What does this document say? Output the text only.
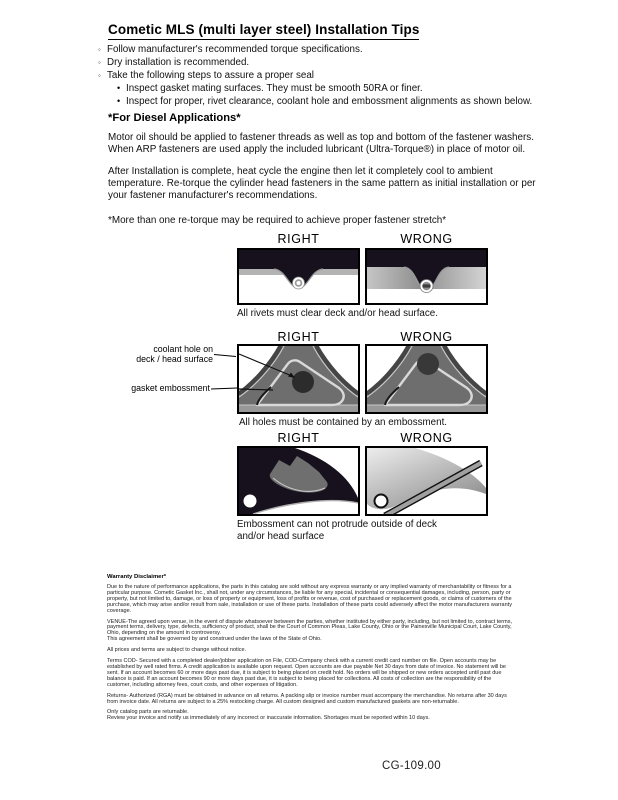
Cometic MLS (multi layer steel) Installation Tips
◦ Follow manufacturer's recommended torque specifications.
◦ Dry installation is recommended.
◦ Take the following steps to assure a proper seal
• Inspect gasket mating surfaces. They must be smooth 50RA or finer.
• Inspect for proper, rivet clearance, coolant hole and embossment alignments as shown below.
*For Diesel Applications*

Motor oil should be applied to fastener threads as well as top and bottom of the fastener washers. When ARP fasteners are used apply the included lubricant (Ultra-Torque®) in place of motor oil.

After Installation is complete, heat cycle the engine then let it completely cool to ambient temperature. Re-torque the cylinder head fasteners in the same pattern as initial installation or per your fastener manufacturer's recommendations.

*More than one re-torque may be required to achieve proper fastener stretch*
RIGHT	WRONG
All rivets must clear deck and/or head surface.
RIGHT	WRONG
coolant hole on
deck / head surface
gasket embossment
All holes must be contained by an embossment.
RIGHT	WRONG
Embossment can not protrude outside of deck
and/or head surface
Warranty Disclaimer*

Due to the nature of performance applications, the parts in this catalog are sold without any express warranty or any implied warranty of merchantability or fitness for a particular purpose. Cometic Gasket Inc., shall not, under any circumstances, be liable for any special, incidental or consequential damages, including, person, party or property, but not limited to, damage, or loss of property or equipment, loss of profits or revenue, cost of purchased or replacement goods, or claims of customers of the purchase, which may arise and/or result from sale, installation or use of these parts. Installation of these parts could adversely affect the motor manufacturers warranty coverage.

VENUE-The agreed upon venue, in the event of dispute whatsoever between the parties, whether instituted by either party, including, but not limited to, contract terms, payment terms, delivery, type, defects, sufficiency of product, shall be the Court of Common Pleas, Lake County, Ohio or the Painesville Municipal Court, Lake County, Ohio, depending on the amount in controversy.

This agreement shall be governed by and construed under the laws of the State of Ohio.

All prices and terms are subject to change without notice.

Terms COD- Secured with a completed dealer/jobber application on File, COD-Company check with a current credit card number on file. Open accounts may be established by well rated firms. A credit application is available upon request. Open accounts are due payable Net 30 days from date of invoice. No statement will be sent. If an account becomes 60 or more days past due, it is subject to being placed on credit hold. No orders will be shipped or new orders accepted until past due balance is paid. If an account becomes 90 or more days past due, it is subject to being placed for collections. All costs of collection are the responsibility of the customer, including attorney fees, court costs, and other expenses of litigation.

Returns- Authorized (RGA) must be obtained in advance on all returns. A packing slip or invoice number must accompany the merchandise. No returns after 30 days from invoice date. All returns are subject to a 25% restocking charge. All custom designed and custom manufactured gaskets are non-returnable.

Only catalog parts are returnable.

Review your invoice and notify us immediately of any incorrect or inaccurate information. Shortages must be reported within 10 days.

CG-109.00
